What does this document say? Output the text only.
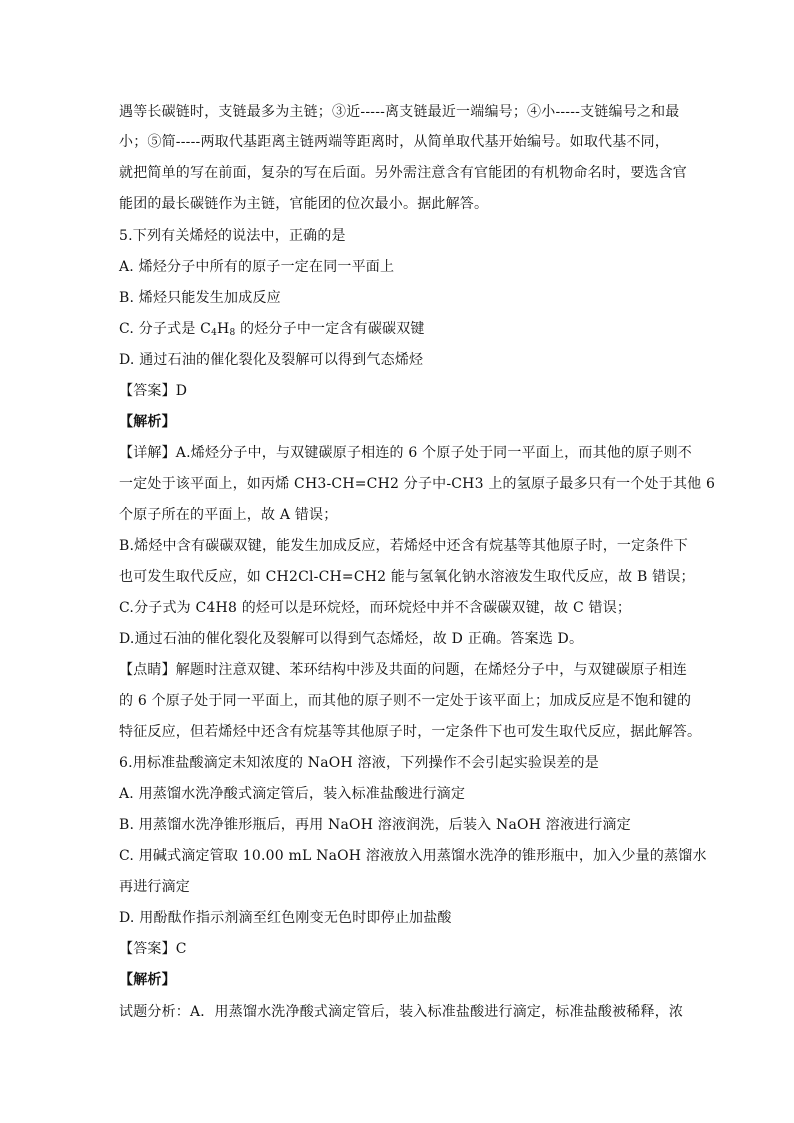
遇等长碳链时，支链最多为主链；③近-----离支链最近一端编号；④小-----支链编号之和最
小；⑤简-----两取代基距离主链两端等距离时，从简单取代基开始编号。如取代基不同，
就把简单的写在前面，复杂的写在后面。另外需注意含有官能团的有机物命名时，要选含官
能团的最长碳链作为主链，官能团的位次最小。据此解答。
5.下列有关烯烃的说法中，正确的是
A. 烯烃分子中所有的原子一定在同一平面上
B. 烯烃只能发生加成反应
C. 分子式是 $C_4H_8$ 的烃分子中一定含有碳碳双键
D. 通过石油的催化裂化及裂解可以得到气态烯烃
【答案】D
【解析】
【详解】A.烯烃分子中，与双键碳原子相连的 6 个原子处于同一平面上，而其他的原子则不
一定处于该平面上，如丙烯 CH3-CH=CH2 分子中-CH3 上的氢原子最多只有一个处于其他 6
个原子所在的平面上，故 A 错误；
B.烯烃中含有碳碳双键，能发生加成反应，若烯烃中还含有烷基等其他原子时，一定条件下
也可发生取代反应，如 CH2Cl-CH=CH2 能与氢氧化钠水溶液发生取代反应，故 B 错误；
C.分子式为 C4H8 的烃可以是环烷烃，而环烷烃中并不含碳碳双键，故 C 错误；
D.通过石油的催化裂化及裂解可以得到气态烯烃，故 D 正确。答案选 D。
【点睛】解题时注意双键、苯环结构中涉及共面的问题，在烯烃分子中，与双键碳原子相连
的 6 个原子处于同一平面上，而其他的原子则不一定处于该平面上；加成反应是不饱和键的
特征反应，但若烯烃中还含有烷基等其他原子时，一定条件下也可发生取代反应，据此解答。
6.用标准盐酸滴定未知浓度的 NaOH 溶液，下列操作不会引起实验误差的是
A. 用蒸馏水洗净酸式滴定管后，装入标准盐酸进行滴定
B. 用蒸馏水洗净锥形瓶后，再用 NaOH 溶液润洗，后装入 NaOH 溶液进行滴定
C. 用碱式滴定管取 10.00 mL NaOH 溶液放入用蒸馏水洗净的锥形瓶中，加入少量的蒸馏水
再进行滴定
D. 用酚酞作指示剂滴至红色刚变无色时即停止加盐酸
【答案】C
【解析】
试题分析：A．用蒸馏水洗净酸式滴定管后，装入标准盐酸进行滴定，标准盐酸被稀释，浓
